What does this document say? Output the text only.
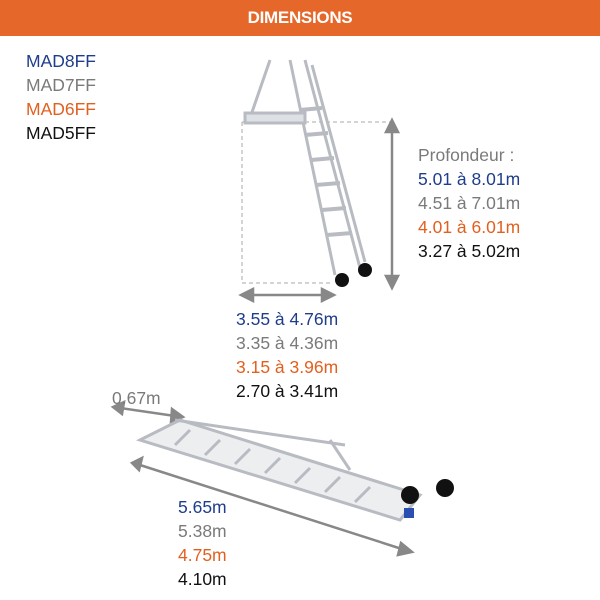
DIMENSIONS
MAD8FF
MAD7FF
MAD6FF
MAD5FF
Profondeur :
5.01 à 8.01m
4.51 à 7.01m
4.01 à 6.01m
3.27 à 5.02m
3.55 à 4.76m
3.35 à 4.36m
3.15 à 3.96m
2.70 à 3.41m
0.67m
5.65m
5.38m
4.75m
4.10m
